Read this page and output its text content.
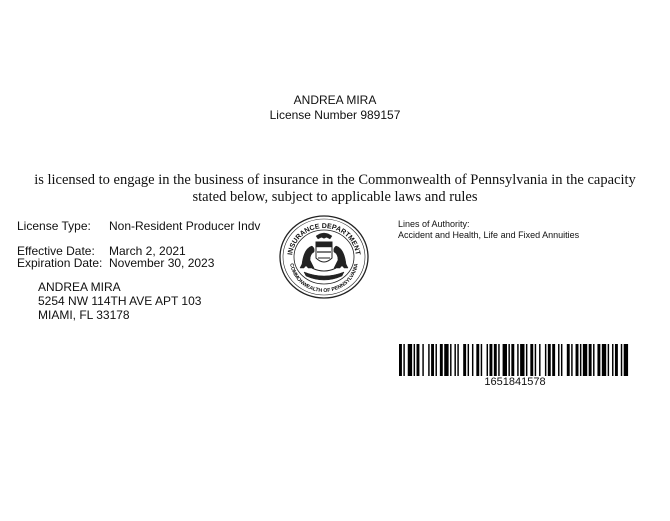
ANDREA MIRA
License Number 989157
is licensed to engage in the business of insurance in the Commonwealth of Pennsylvania in the capacity
stated below, subject to applicable laws and rules
License Type: Non-Resident Producer Indv
Effective Date: March 2, 2021
Expiration Date: November 30, 2023
ANDREA MIRA
5254 NW 114TH AVE APT 103
MIAMI, FL 33178
Lines of Authority:
Accident and Health, Life and Fixed Annuities
INSURANCE DEPARTMENT
COMMONWEALTH OF PENNSYLVANIA
1651841578
